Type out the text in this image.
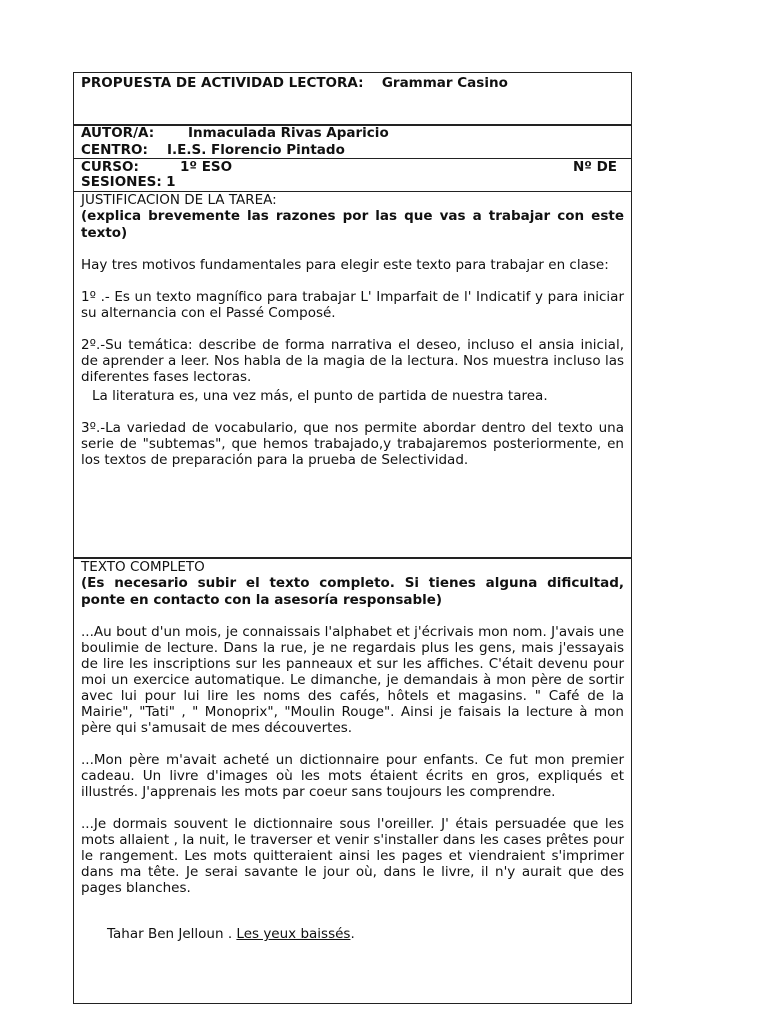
PROPUESTA DE ACTIVIDAD LECTORA: Grammar Casino
AUTOR/A:	Inmaculada Rivas Aparicio
CENTRO: I.E.S. Florencio Pintado
CURSO:	1º ESO	Nº DE
SESIONES: 1

JUSTIFICACION DE LA TAREA:

(explica brevemente las razones por las que vas a trabajar con este texto)

Hay tres motivos fundamentales para elegir este texto para trabajar en clase:

1º .- Es un texto magnífico para trabajar L' Imparfait de l' Indicatif y para iniciar su alternancia con el Passé Composé.

2º.-Su temática: describe de forma narrativa el deseo, incluso el ansia inicial, de aprender a leer. Nos habla de la magia de la lectura. Nos muestra incluso las diferentes fases lectoras.

La literatura es, una vez más, el punto de partida de nuestra tarea.

3º.-La variedad de vocabulario, que nos permite abordar dentro del texto una serie de "subtemas", que hemos trabajado,y trabajaremos posteriormente, en los textos de preparación para la prueba de Selectividad.

TEXTO COMPLETO

(Es necesario subir el texto completo. Si tienes alguna dificultad, ponte en contacto con la asesoría responsable)

...Au bout d'un mois, je connaissais l'alphabet et j'écrivais mon nom. J'avais une boulimie de lecture. Dans la rue, je ne regardais plus les gens, mais j'essayais de lire les inscriptions sur les panneaux et sur les affiches. C'était devenu pour moi un exercice automatique. Le dimanche, je demandais à mon père de sortir avec lui pour lui lire les noms des cafés, hôtels et magasins. " Café de la Mairie", "Tati" , " Monoprix", "Moulin Rouge". Ainsi je faisais la lecture à mon père qui s'amusait de mes découvertes.

...Mon père m'avait acheté un dictionnaire pour enfants. Ce fut mon premier cadeau. Un livre d'images où les mots étaient écrits en gros, expliqués et illustrés. J'apprenais les mots par coeur sans toujours les comprendre.

...Je dormais souvent le dictionnaire sous l'oreiller. J' étais persuadée que les mots allaient , la nuit, le traverser et venir s'installer dans les cases prêtes pour le rangement. Les mots quitteraient ainsi les pages et viendraient s'imprimer dans ma tête. Je serai savante le jour où, dans le livre, il n'y aurait que des pages blanches.

Tahar Ben Jelloun . Les yeux baissés.
